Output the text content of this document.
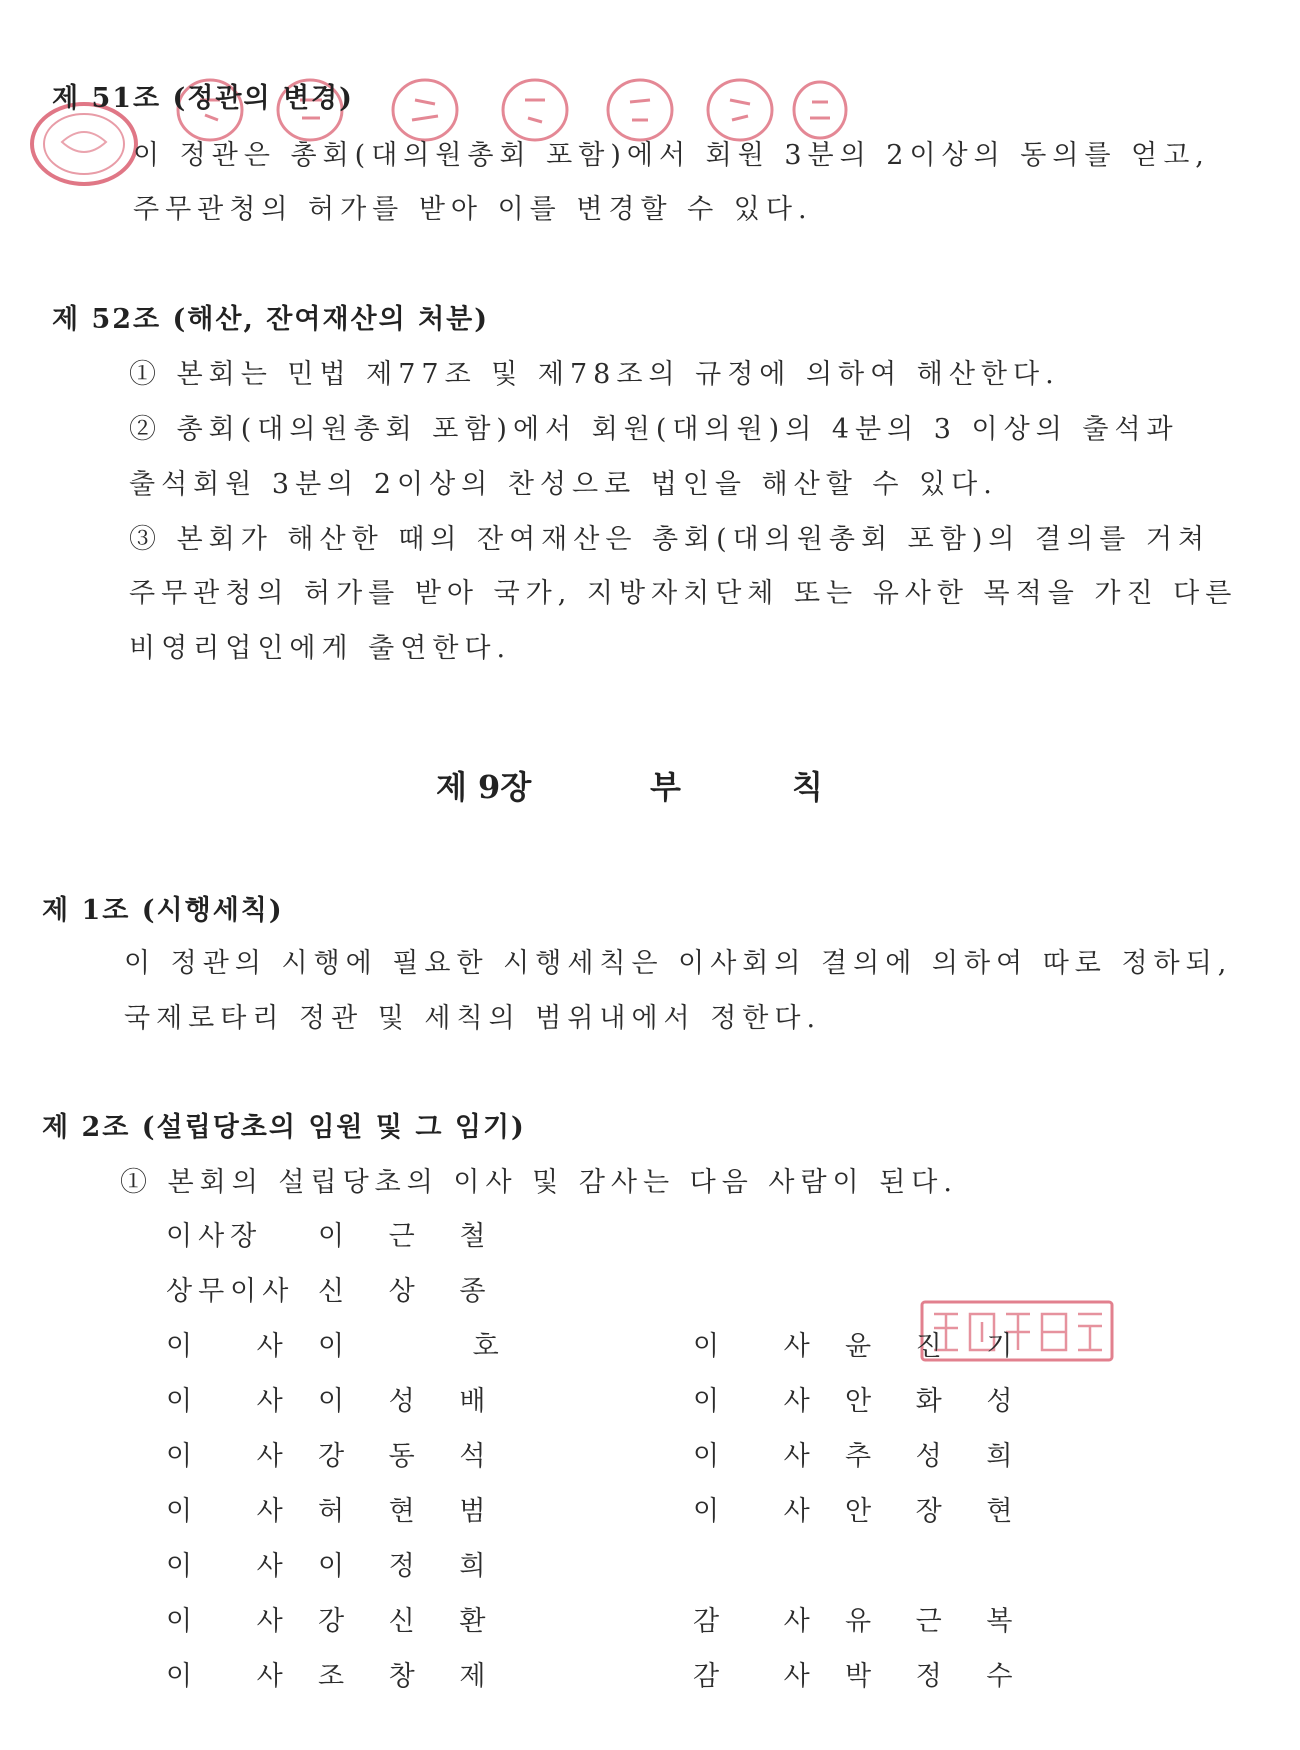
제 51조 (정관의 변경)
이 정관은 총회(대의원총회 포함)에서 회원 3분의 2이상의 동의를 얻고,
주무관청의 허가를 받아 이를 변경할 수 있다.
제 52조 (해산, 잔여재산의 처분)
① 본회는 민법 제77조 및 제78조의 규정에 의하여 해산한다.
② 총회(대의원총회 포함)에서 회원(대의원)의 4분의 3 이상의 출석과
출석회원 3분의 2이상의 찬성으로 법인을 해산할 수 있다.
③ 본회가 해산한 때의 잔여재산은 총회(대의원총회 포함)의 결의를 거쳐
주무관청의 허가를 받아 국가, 지방자치단체 또는 유사한 목적을 가진 다른
비영리업인에게 출연한다.
제 9장	부	칙
제 1조 (시행세칙)
이 정관의 시행에 필요한 시행세칙은 이사회의 결의에 의하여 따로 정하되,
국제로타리 정관 및 세칙의 범위내에서 정한다.
제 2조 (설립당초의 임원 및 그 임기)
① 본회의 설립당초의 이사 및 감사는 다음 사람이 된다.
이사장 이 근 철
상무이사 신 상 종
이 사 이 호
이 사 이 성 배
이 사 강 동 석
이 사 허 현 범
이 사 이 정 희
이 사 강 신 환
이 사 조 창 제
이 사 윤 진 기
이 사 안 화 성
이 사 추 성 희
이 사 안 장 현
감 사 유 근 복
감 사 박 정 수
